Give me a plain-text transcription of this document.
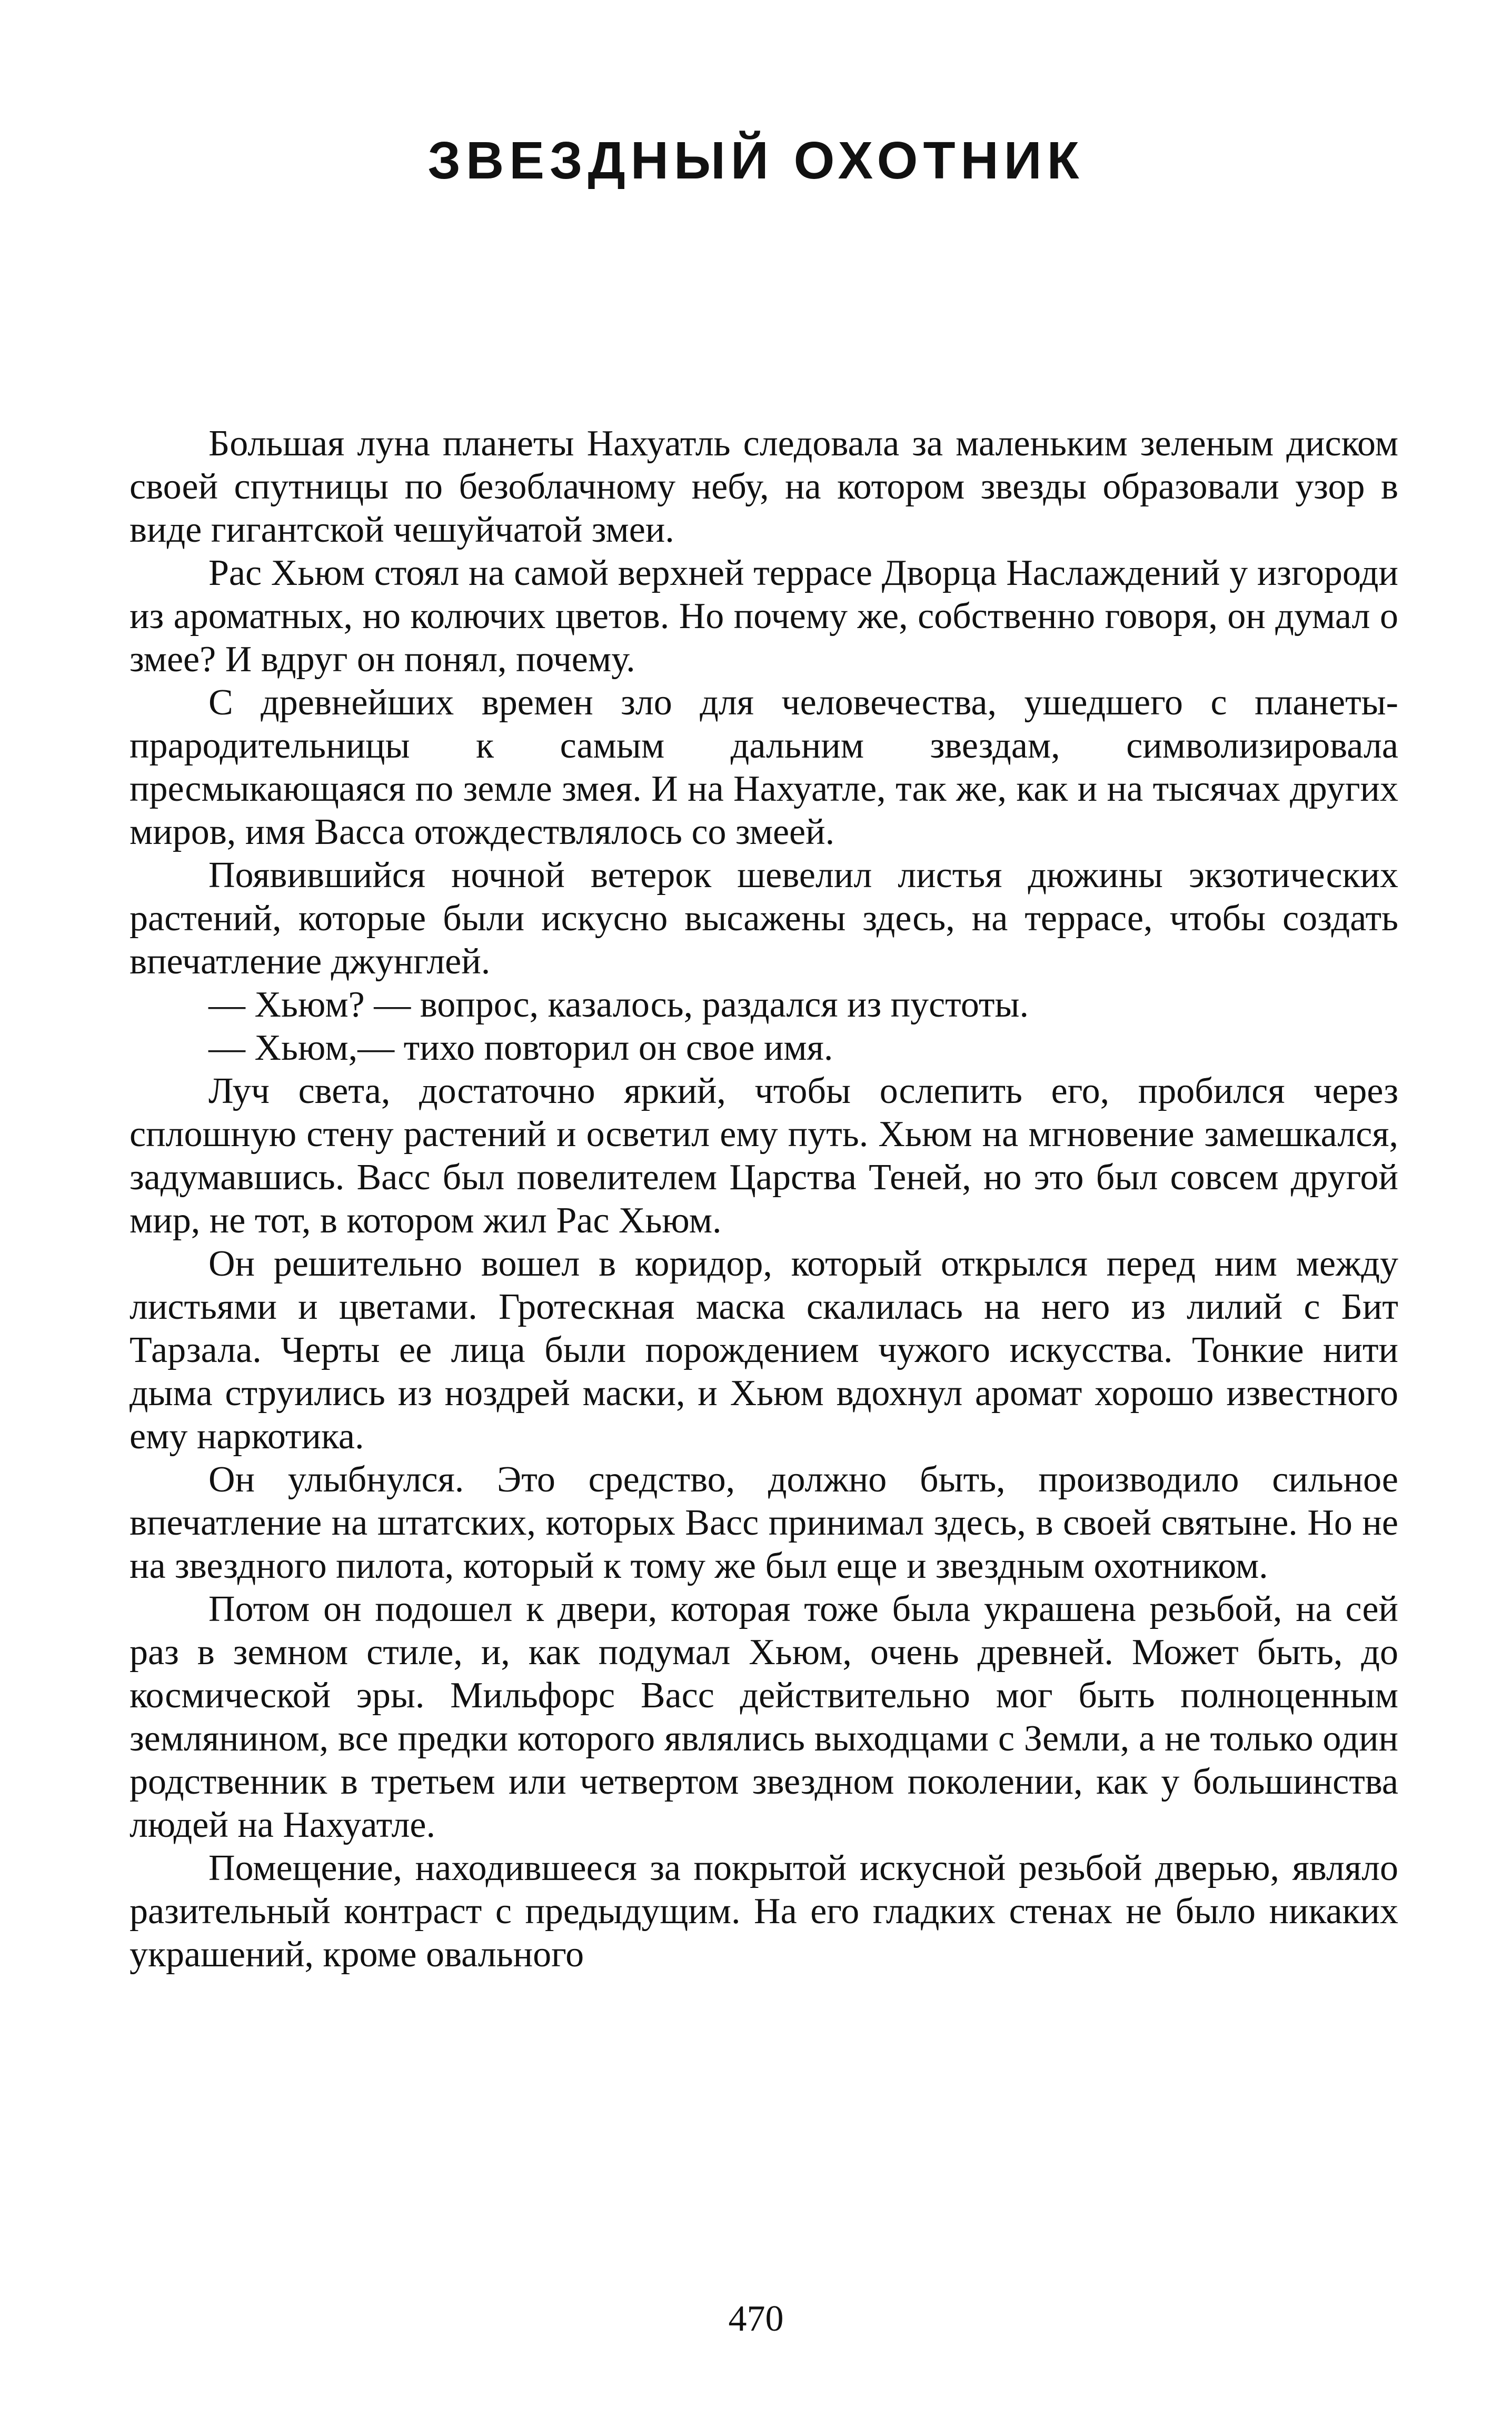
ЗВЕЗДНЫЙ ОХОТНИК

Большая луна планеты Нахуатль следовала за маленьким зеленым диском своей спутницы по безоблачному небу, на котором звезды образовали узор в виде гигантской чешуйчатой змеи.

Рас Хьюм стоял на самой верхней террасе Дворца Наслаждений у изгороди из ароматных, но колючих цветов. Но почему же, собственно говоря, он думал о змее? И вдруг он понял, почему.

С древнейших времен зло для человечества, ушедшего с планеты-прародительницы к самым дальним звездам, символизировала пресмыкающаяся по земле змея. И на Нахуатле, так же, как и на тысячах других миров, имя Васса отождествлялось со змеей.

Появившийся ночной ветерок шевелил листья дюжины экзотических растений, которые были искусно высажены здесь, на террасе, чтобы создать впечатление джунглей.

— Хьюм? — вопрос, казалось, раздался из пустоты.

— Хьюм,— тихо повторил он свое имя.

Луч света, достаточно яркий, чтобы ослепить его, пробился через сплошную стену растений и осветил ему путь. Хьюм на мгновение замешкался, задумавшись. Васс был повелителем Царства Теней, но это был совсем другой мир, не тот, в котором жил Рас Хьюм.

Он решительно вошел в коридор, который открылся перед ним между листьями и цветами. Гротескная маска скалилась на него из лилий с Бит Тарзала. Черты ее лица были порождением чужого искусства. Тонкие нити дыма струились из ноздрей маски, и Хьюм вдохнул аромат хорошо известного ему наркотика.

Он улыбнулся. Это средство, должно быть, производило сильное впечатление на штатских, которых Васс принимал здесь, в своей святыне. Но не на звездного пилота, который к тому же был еще и звездным охотником.

Потом он подошел к двери, которая тоже была украшена резьбой, на сей раз в земном стиле, и, как подумал Хьюм, очень древней. Может быть, до космической эры. Мильфорс Васс действительно мог быть полноценным землянином, все предки которого являлись выходцами с Земли, а не только один родственник в третьем или четвертом звездном поколении, как у большинства людей на Нахуатле.

Помещение, находившееся за покрытой искусной резьбой дверью, являло разительный контраст с предыдущим. На его гладких стенах не было никаких украшений, кроме овального

470
